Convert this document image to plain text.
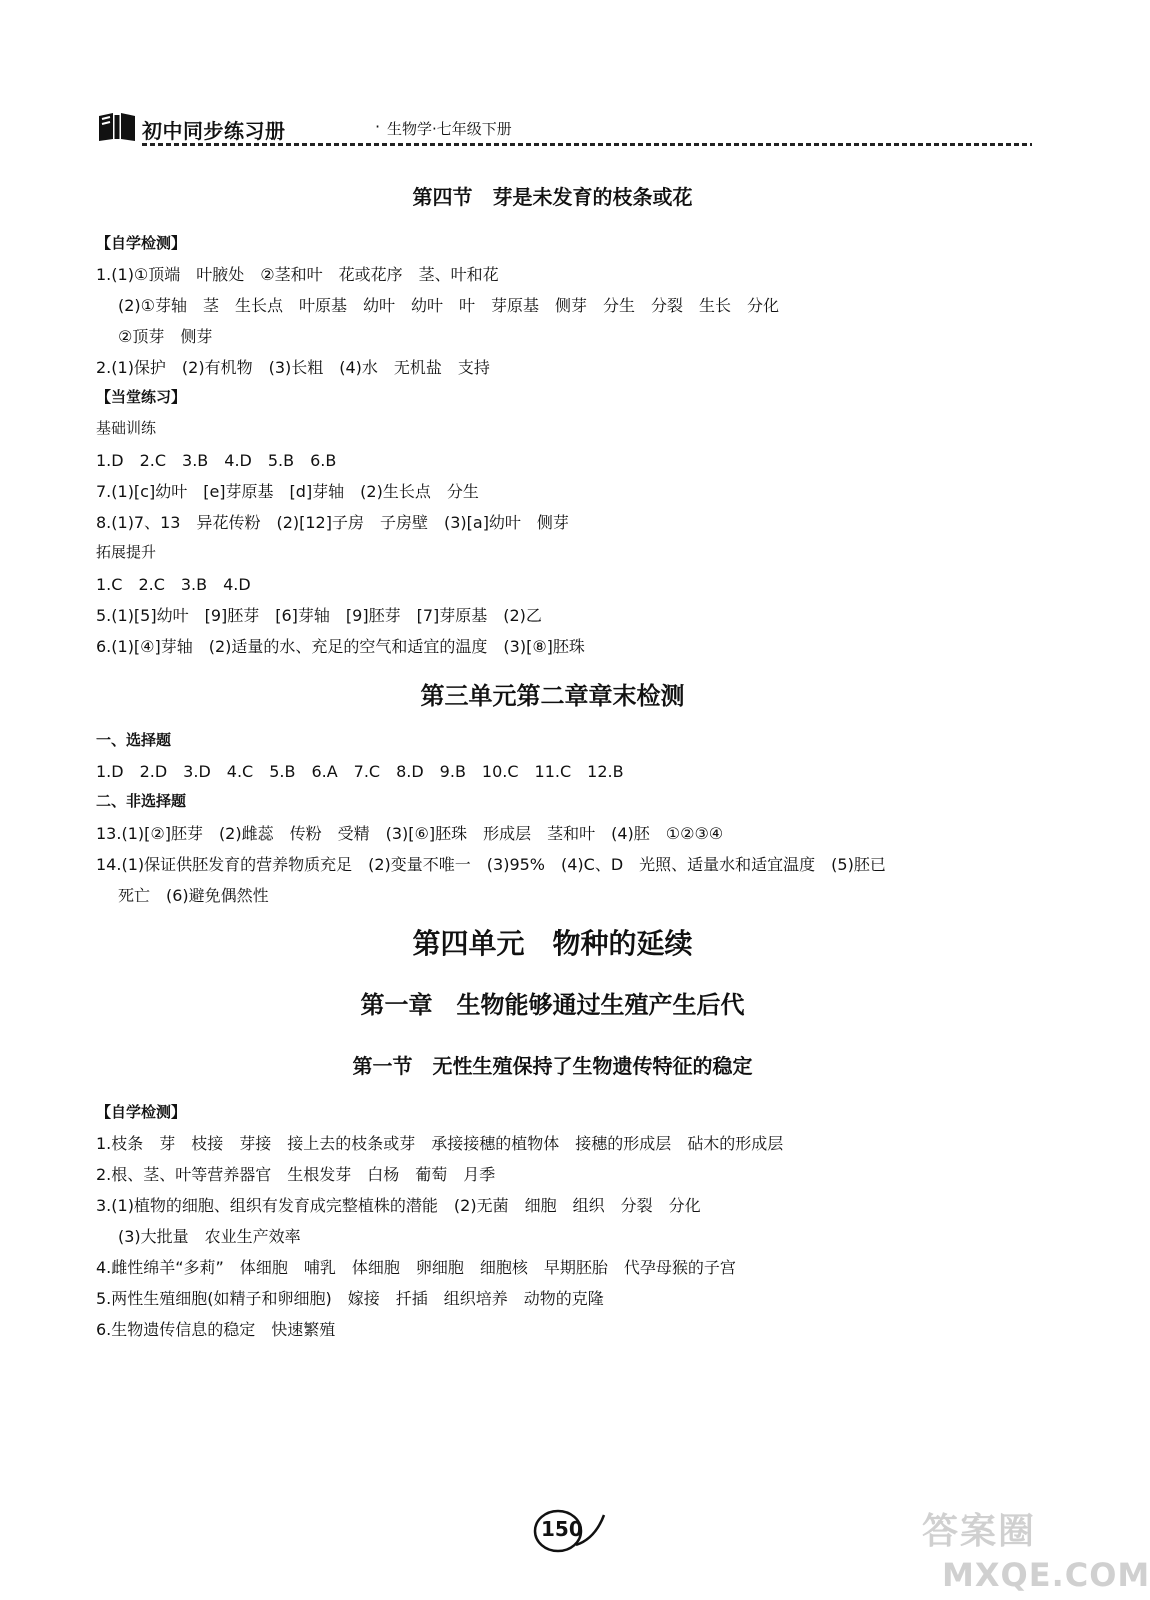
初中同步练习册	· 生物学·七年级下册
第四节　芽是未发育的枝条或花
【自学检测】
1.(1)①顶端　叶腋处　②茎和叶　花或花序　茎、叶和花
(2)①芽轴　茎　生长点　叶原基　幼叶　幼叶　叶　芽原基　侧芽　分生　分裂　生长　分化
②顶芽　侧芽
2.(1)保护　(2)有机物　(3)长粗　(4)水　无机盐　支持
【当堂练习】
基础训练
1.D　2.C　3.B　4.D　5.B　6.B
7.(1)[c]幼叶　[e]芽原基　[d]芽轴　(2)生长点　分生
8.(1)7、13　异花传粉　(2)[12]子房　子房壁　(3)[a]幼叶　侧芽
拓展提升
1.C　2.C　3.B　4.D
5.(1)[5]幼叶　[9]胚芽　[6]芽轴　[9]胚芽　[7]芽原基　(2)乙
6.(1)[④]芽轴　(2)适量的水、充足的空气和适宜的温度　(3)[⑧]胚珠
第三单元第二章章末检测
一、选择题
1.D　2.D　3.D　4.C　5.B　6.A　7.C　8.D　9.B　10.C　11.C　12.B
二、非选择题
13.(1)[②]胚芽　(2)雌蕊　传粉　受精　(3)[⑥]胚珠　形成层　茎和叶　(4)胚　①②③④
14.(1)保证供胚发育的营养物质充足　(2)变量不唯一　(3)95%　(4)C、D　光照、适量水和适宜温度　(5)胚已
死亡　(6)避免偶然性
第四单元　物种的延续
第一章　生物能够通过生殖产生后代
第一节　无性生殖保持了生物遗传特征的稳定
【自学检测】
1.枝条　芽　枝接　芽接　接上去的枝条或芽　承接接穗的植物体　接穗的形成层　砧木的形成层
2.根、茎、叶等营养器官　生根发芽　白杨　葡萄　月季
3.(1)植物的细胞、组织有发育成完整植株的潜能　(2)无菌　细胞　组织　分裂　分化
(3)大批量　农业生产效率
4.雌性绵羊“多莉”　体细胞　哺乳　体细胞　卵细胞　细胞核　早期胚胎　代孕母猴的子宫
5.两性生殖细胞(如精子和卵细胞)　嫁接　扦插　组织培养　动物的克隆
6.生物遗传信息的稳定　快速繁殖
150	答案圈
MXQE.COM
